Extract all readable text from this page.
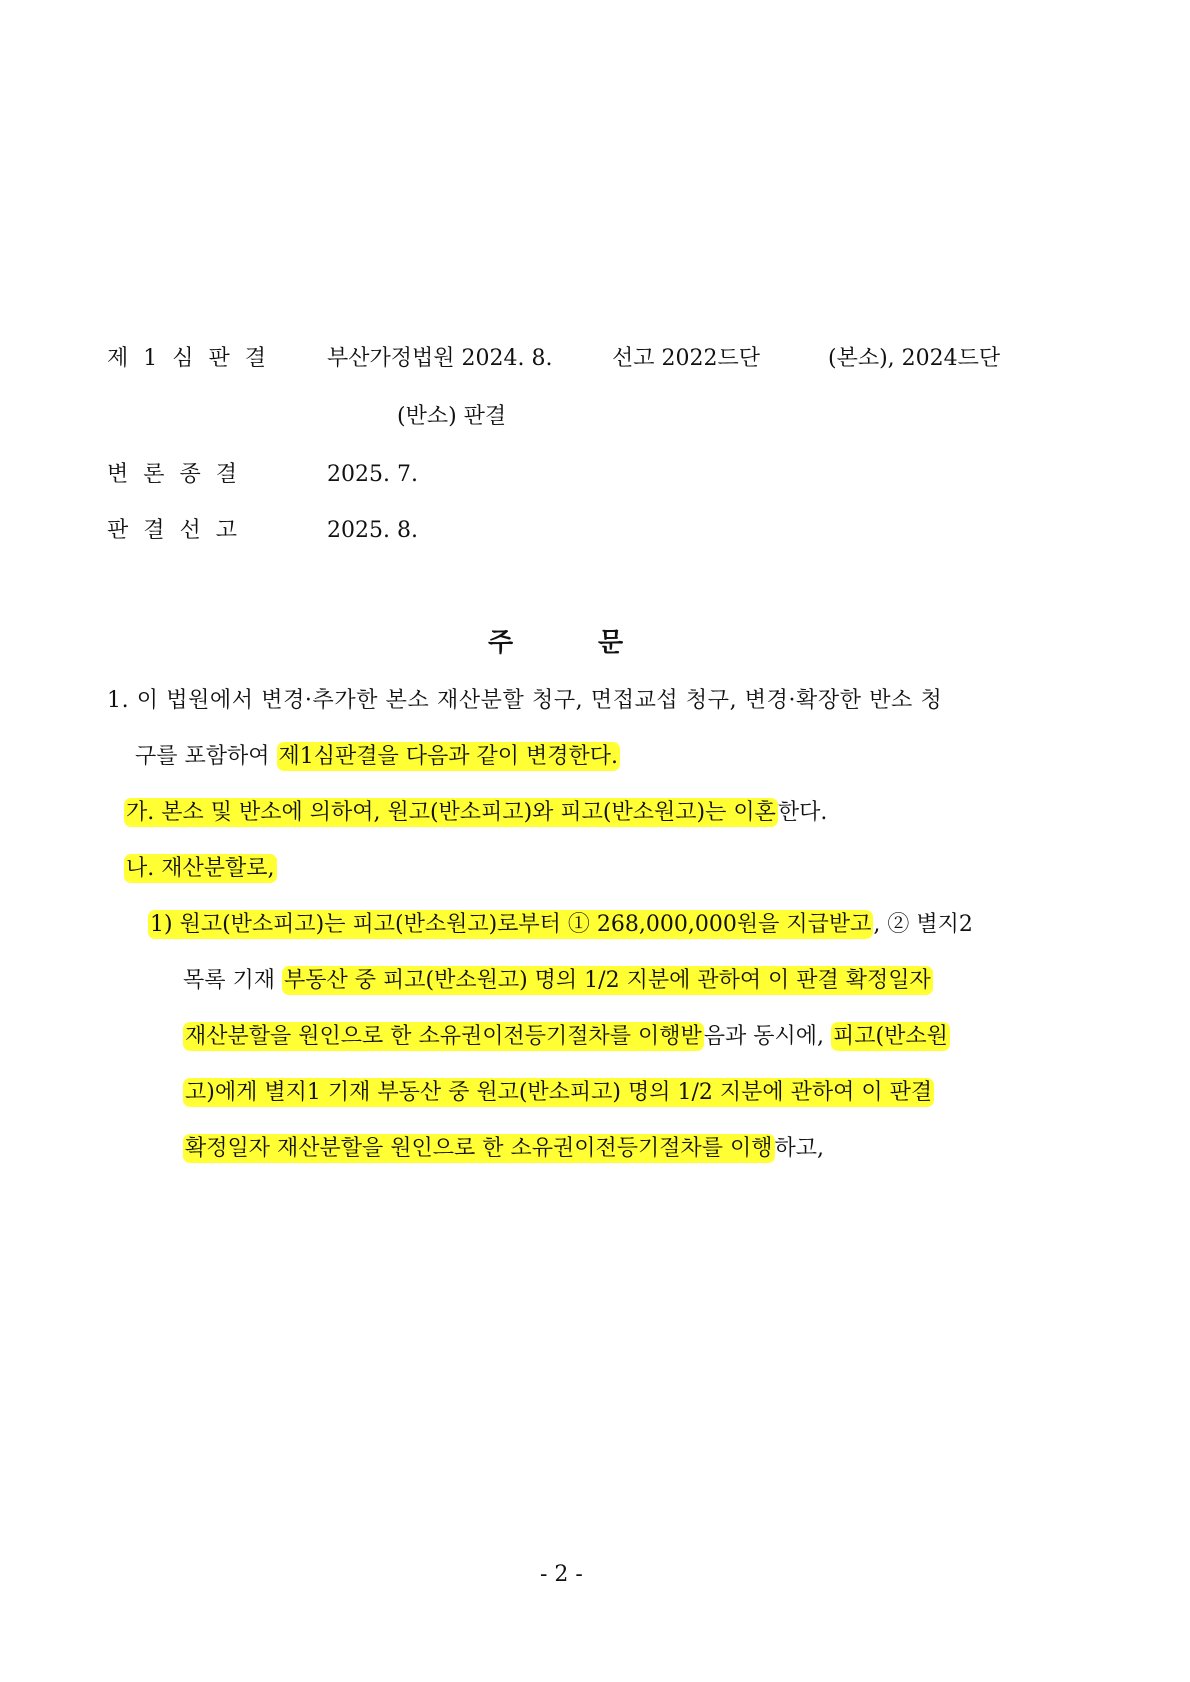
제 1 심 판 결	부산가정법원 2024. 8.	선고 2022드단	(본소), 2024드단
(반소) 판결
변 론 종 결	2025. 7.
판 결 선 고	2025. 8.
주	문
1. 이 법원에서 변경·추가한 본소 재산분할 청구, 면접교섭 청구, 변경·확장한 반소 청
구를 포함하여 제1심판결을 다음과 같이 변경한다.
가. 본소 및 반소에 의하여, 원고(반소피고)와 피고(반소원고)는 이혼한다.
나. 재산분할로,
1) 원고(반소피고)는 피고(반소원고)로부터 ① 268,000,000원을 지급받고, ② 별지2
목록 기재 부동산 중 피고(반소원고) 명의 1/2 지분에 관하여 이 판결 확정일자
재산분할을 원인으로 한 소유권이전등기절차를 이행받음과 동시에, 피고(반소원
고)에게 별지1 기재 부동산 중 원고(반소피고) 명의 1/2 지분에 관하여 이 판결
확정일자 재산분할을 원인으로 한 소유권이전등기절차를 이행하고,
- 2 -
